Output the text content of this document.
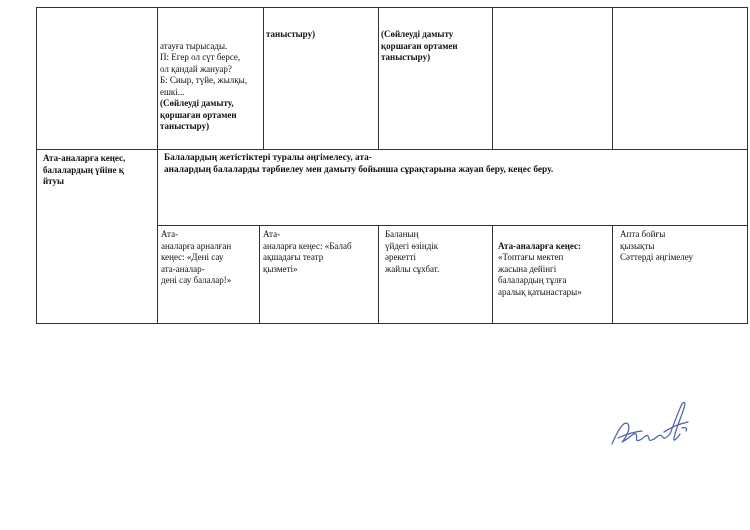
атауға тырысады.
П: Егер ол сүт берсе,
ол қандай жануар?
Б: Сиыр, түйе, жылқы,
ешкі...

(Сөйлеуді дамыту,
қоршаған ортамен
таныстыру)

таныстыру)	(Сөйлеуді дамыту
қоршаған ортамен
таныстыру)
Ата-аналарға кеңес,
балалардың үйіне қ
йтуы
Балалардың жетістіктері туралы әңгімелесу, ата-
аналардың балаларды тәрбиелеу мен дамыту бойынша сұрақтарына жауап беру, кеңес беру.
Ата-
аналарға арналған
кеңес: «Дені сау
ата-аналар-
дені сау балалар!»
Ата-
аналарға кеңес: «Балаб
ақшадағы театр
қызметі»
Баланың
үйдегі өзіндік
әрекетті
жайлы сұхбат.

Ата-аналарға кеңес: «Топтағы мектеп
жасына дейінгі
балалардың тұлға
аралық қатынастары»

Апта бойғы
қызықты
Сәттерді әңгімелеу
